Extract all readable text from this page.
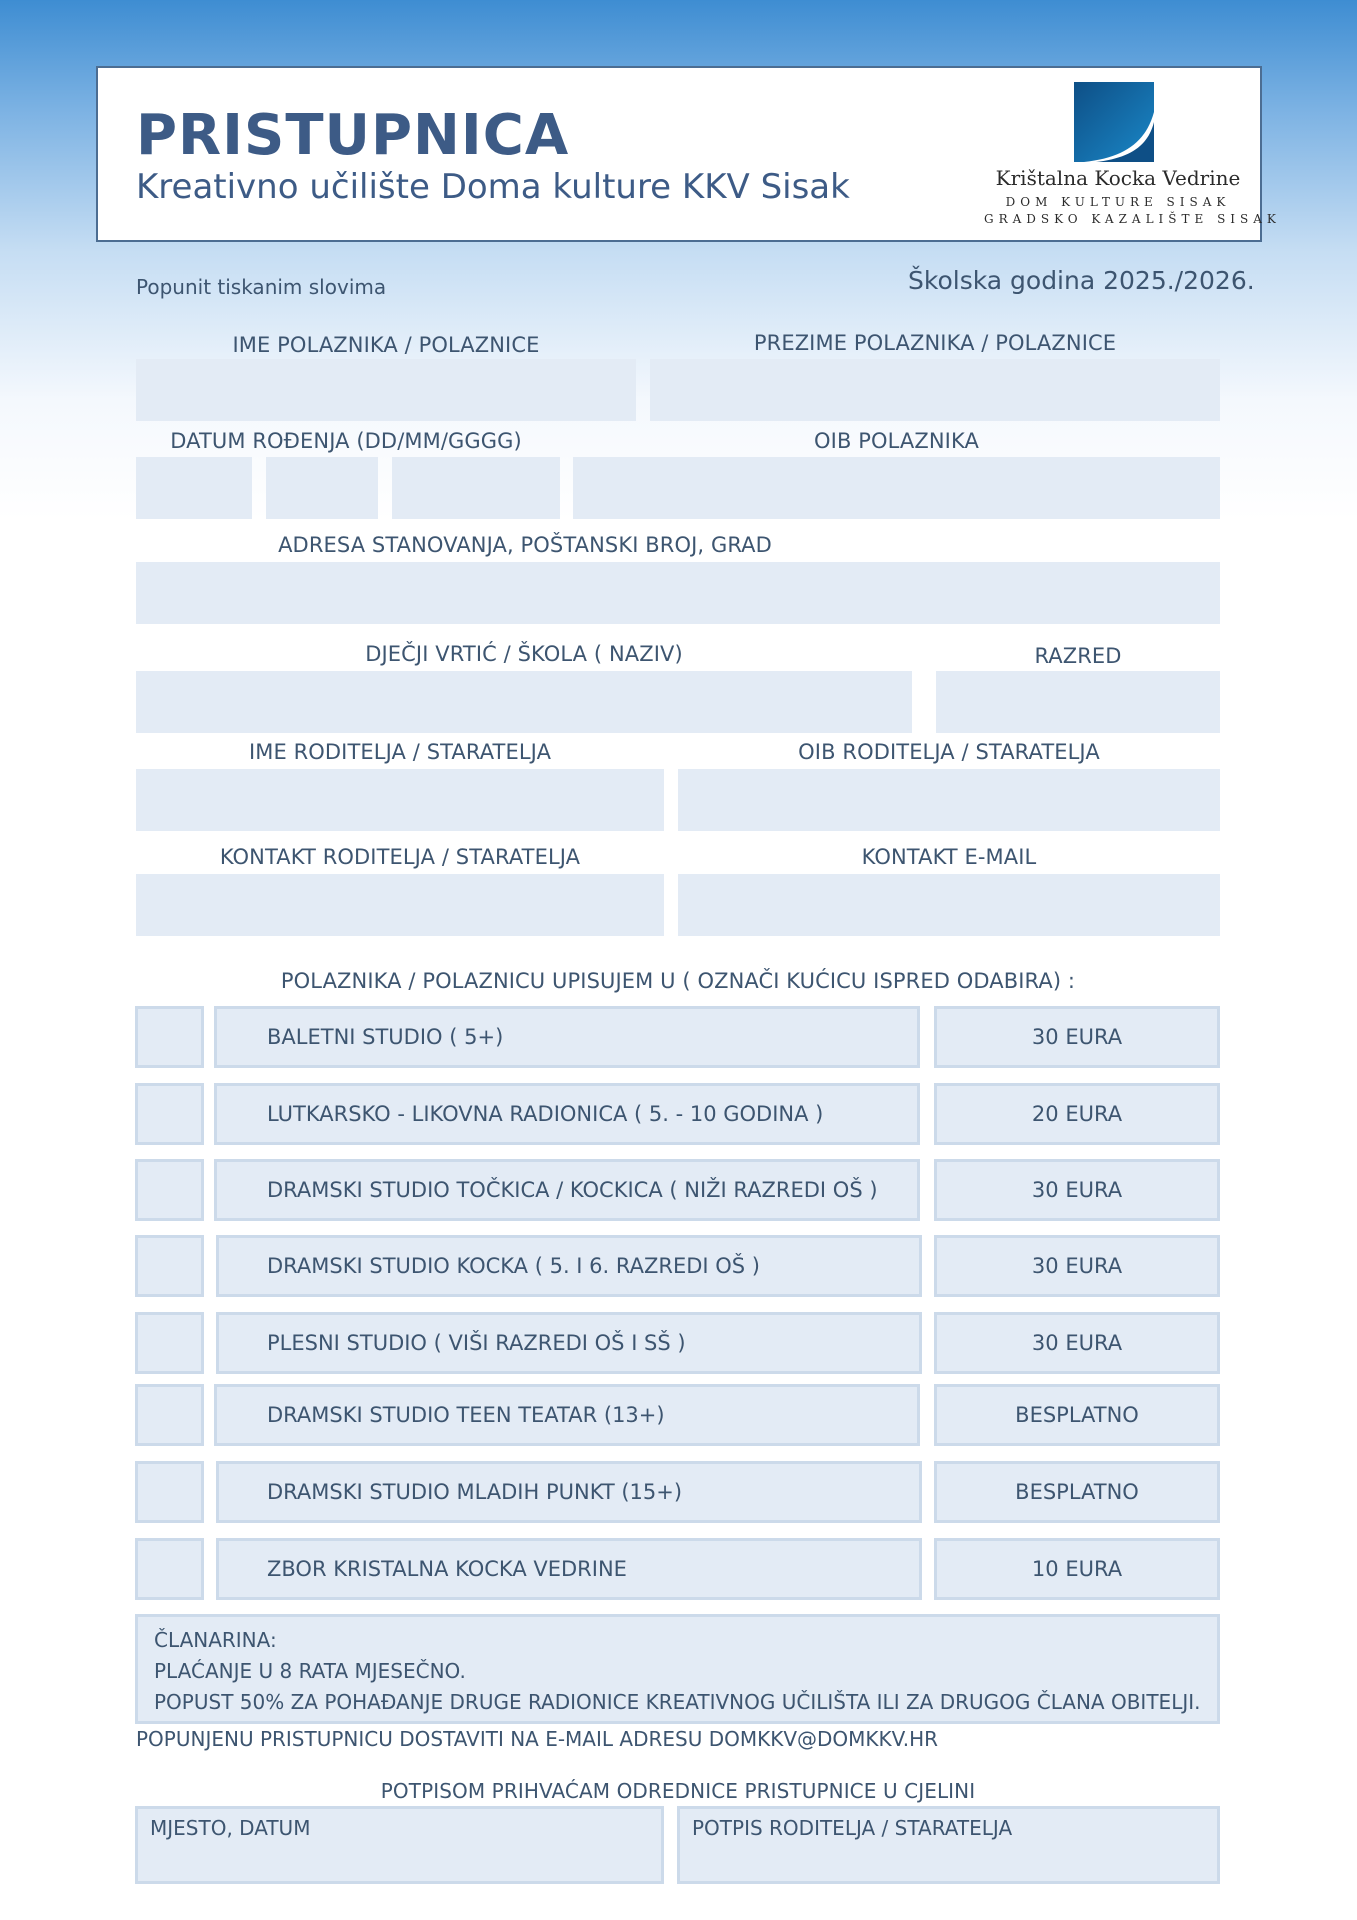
PRISTUPNICA
Kreativno učilište Doma kulture KKV Sisak	Krištalna Kocka Vedrine
DOM KULTURE SISAK
GRADSKO KAZALIŠTE SISAK
Popunit tiskanim slovima	Školska godina 2025./2026.
IME POLAZNIKA / POLAZNICE	PREZIME POLAZNIKA / POLAZNICE
DATUM ROĐENJA (DD/MM/GGGG)	OIB POLAZNIKA
ADRESA STANOVANJA, POŠTANSKI BROJ, GRAD
DJEČJI VRTIĆ / ŠKOLA ( NAZIV)	RAZRED
IME RODITELJA / STARATELJA	OIB RODITELJA / STARATELJA
KONTAKT RODITELJA / STARATELJA	KONTAKT E-MAIL
POLAZNIKA / POLAZNICU UPISUJEM U ( OZNAČI KUĆICU ISPRED ODABIRA) :
BALETNI STUDIO ( 5+)	30 EURA
LUTKARSKO - LIKOVNA RADIONICA ( 5. - 10 GODINA )	20 EURA
DRAMSKI STUDIO TOČKICA / KOCKICA ( NIŽI RAZREDI OŠ )	30 EURA
DRAMSKI STUDIO KOCKA ( 5. I 6. RAZREDI OŠ )	30 EURA
PLESNI STUDIO ( VIŠI RAZREDI OŠ I SŠ )	30 EURA
DRAMSKI STUDIO TEEN TEATAR (13+)	BESPLATNO
DRAMSKI STUDIO MLADIH PUNKT (15+)	BESPLATNO
ZBOR KRISTALNA KOCKA VEDRINE	10 EURA
ČLANARINA:
PLAĆANJE U 8 RATA MJESEČNO.
POPUST 50% ZA POHAĐANJE DRUGE RADIONICE KREATIVNOG UČILIŠTA ILI ZA DRUGOG ČLANA OBITELJI.
POPUNJENU PRISTUPNICU DOSTAVITI NA E-MAIL ADRESU DOMKKV@DOMKKV.HR
POTPISOM PRIHVAĆAM ODREDNICE PRISTUPNICE U CJELINI
MJESTO, DATUM	POTPIS RODITELJA / STARATELJA
